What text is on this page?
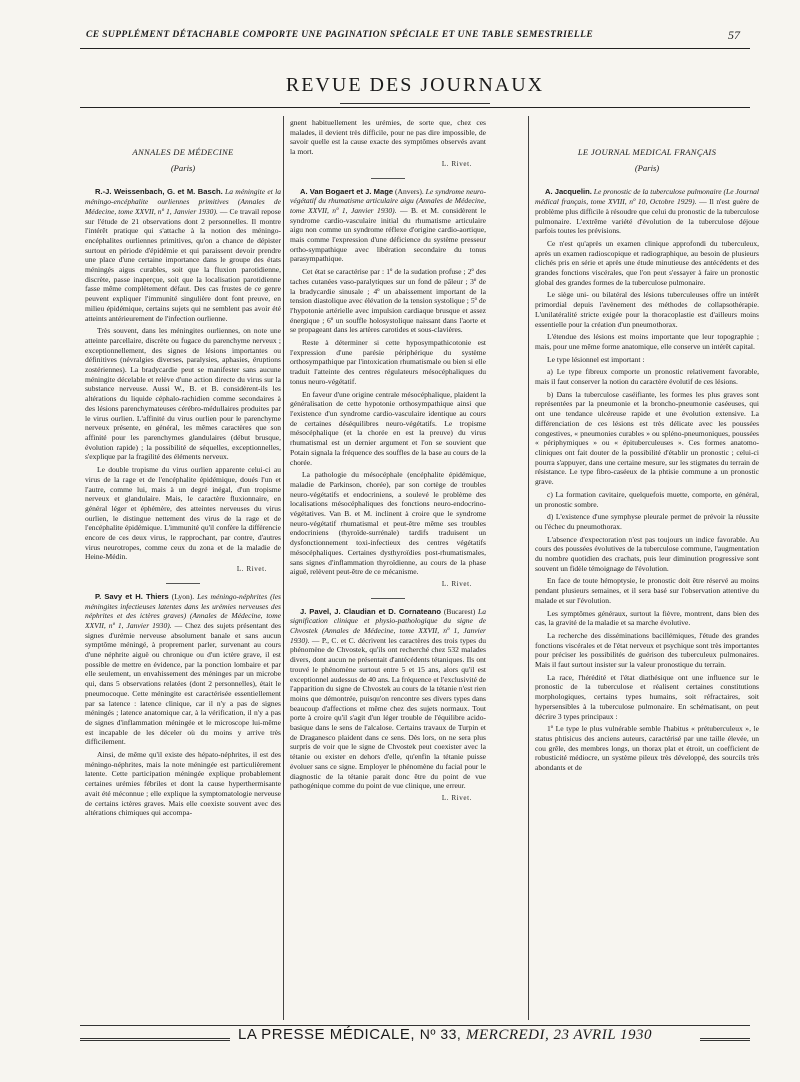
CE SUPPLÉMENT DÉTACHABLE COMPORTE UNE PAGINATION SPÉCIALE ET UNE TABLE SEMESTRIELLE	57
REVUE DES JOURNAUX
ANNALES DE MÉDECINE
(Paris)

R.-J. Weissenbach, G. et M. Basch. La méningite et la méningo-encéphalite ourliennes primitives (Annales de Médecine, tome XXVII, nº 1, Janvier 1930). — Ce travail repose sur l'étude de 21 observations dont 2 personnelles. Il montre l'intérêt pratique qui s'attache à la notion des méningo-encéphalites ourliennes primitives, qu'on a chance de dépister surtout en période d'épidémie et qui paraissent devoir prendre une place d'une certaine importance dans le groupe des états méningés aigus curables, soit que la fluxion parotidienne, discrète, passe inaperçue, soit que la localisation parotidienne fasse même complètement défaut. Des cas frustes de ce genre peuvent expliquer l'immunité singulière dont font preuve, en milieu épidémique, certains sujets qui ne semblent pas avoir été atteints antérieurement de l'infection ourlienne.

Très souvent, dans les méningites ourliennes, on note une atteinte parcellaire, discrète ou fugace du parenchyme nerveux ; exceptionnellement, des signes de lésions importantes ou définitives (névralgies diverses, paralysies, aphasies, éruptions zostériennes). La bradycardie peut se manifester sans aucune méningite décelable et relève d'une action directe du virus sur la substance nerveuse. Aussi W., B. et B. considèrent-ils les altérations du liquide céphalo-rachidien comme secondaires à des lésions parenchymateuses cérébro-médullaires produites par le virus ourlien. L'affinité du virus ourlien pour le parenchyme nerveux présente, en général, les mêmes caractères que son affinité pour les parenchymes glandulaires (début brusque, évolution rapide) ; la possibilité de séquelles, exceptionnelles, s'explique par la fragilité des éléments nerveux.

Le double tropisme du virus ourlien apparente celui-ci au virus de la rage et de l'encéphalite épidémique, doués l'un et l'autre, comme lui, mais à un degré inégal, d'un tropisme nerveux et glandulaire. Mais, le caractère fluxionnaire, en général léger et éphémère, des atteintes nerveuses du virus ourlien, le distingue nettement des virus de la rage et de l'encéphalite épidémique. L'immunité qu'il confère la différencie encore de ces deux virus, le rapprochant, par contre, d'autres virus neurotropes, comme ceux du zona et de la maladie de Heine-Médin.

L. Rivet.

P. Savy et H. Thiers (Lyon). Les méningo-néphrites (les méningites infectieuses latentes dans les urémies nerveuses des néphrites et des ictères graves) (Annales de Médecine, tome XXVII, nº 1, Janvier 1930). — Chez des sujets présentant des signes d'urémie nerveuse absolument banale et sans aucun symptôme méningé, à proprement parler, survenant au cours d'une néphrite aiguë ou chronique ou d'un ictère grave, il est possible de mettre en évidence, par la ponction lombaire et par elle seulement, un envahissement des méninges par un microbe qui, dans 5 observations relatées (dont 2 personnelles), était le pneumocoque. Cette méningite est caractérisée essentiellement par sa latence : latence clinique, car il n'y a pas de signes méningés ; latence anatomique car, à la vérification, il n'y a pas de signes d'inflammation méningée et le microscope lui-même est incapable de les déceler où du moins y arrive très difficilement.

Ainsi, de même qu'il existe des hépato-néphrites, il est des méningo-néphrites, mais la note méningée est particulièrement latente. Cette participation méningée explique probablement certaines urémies fébriles et dont la cause hyperthermisante avait été méconnue ; elle explique la symptomatologie nerveuse de certains ictères graves. Mais elle coexiste souvent avec des altérations chimiques qui accompa-

gnent habituellement les urémies, de sorte que, chez ces malades, il devient très difficile, pour ne pas dire impossible, de savoir quelle est la cause exacte des symptômes observés avant la mort.

L. Rivet.

A. Van Bogaert et J. Mage (Anvers). Le syndrome neuro-végétatif du rhumatisme articulaire aigu (Annales de Médecine, tome XXVII, nº 1, Janvier 1930). — B. et M. considèrent le syndrome cardio-vasculaire initial du rhumatisme articulaire aigu non comme un syndrome réflexe d'origine cardio-aortique, mais comme l'expression d'une déficience du système presseur ortho-sympathique avec libération secondaire du tonus parasympathique.

Cet état se caractérise par : 1º de la sudation profuse ; 2º des taches cutanées vaso-paralytiques sur un fond de pâleur ; 3º de la bradycardie sinusale ; 4º un abaissement important de la tension diastolique avec élévation de la tension systolique ; 5º de l'hypotonie artérielle avec impulsion cardiaque brusque et assez énergique ; 6º un souffle holosystolique naissant dans l'aorte et se propageant dans les artères carotides et sous-clavières.

Reste à déterminer si cette hyposympathicotonie est l'expression d'une parésie périphérique du système orthosympathique par l'intoxication rhumatismale ou bien si elle traduit l'atteinte des centres régulateurs mésocéphaliques du tonus neuro-végétatif.

En faveur d'une origine centrale mésocéphalique, plaident la généralisation de cette hypotonie orthosympathique ainsi que l'existence d'un syndrome cardio-vasculaire identique au cours de certaines déséquilibres neuro-végétatifs. Le tropisme mésocéphalique (et la chorée en est la preuve) du virus rhumatismal est un dernier argument et l'on se souvient que Potain signala la fréquence des souffles de la base au cours de la chorée.

La pathologie du mésocéphale (encéphalite épidémique, maladie de Parkinson, chorée), par son cortège de troubles neuro-végétatifs et endocriniens, a soulevé le problème des localisations mésocéphaliques des fonctions neuro-endocrino-végétatives. Van B. et M. inclinent à croire que le syndrome neuro-végétatif rhumatismal et peut-être même ses troubles endocriniens (thyroïde-surrénale) tardifs traduisent un dysfonctionnement toxi-infectieux des centres végétatifs mésocéphaliques. Certaines dysthyroïdies post-rhumatismales, sans signes d'inflammation thyroïdienne, au cours de la phase aiguë, relèvent peut-être de ce mécanisme.

L. Rivet.

J. Pavel, J. Claudian et D. Cornateano (Bucarest) La signification clinique et physio-pathologique du signe de Chvostek (Annales de Médecine, tome XXVII, nº 1, Janvier 1930). — P., C. et C. décrivent les caractères des trois types du phénomène de Chvostek, qu'ils ont recherché chez 532 malades divers, dont aucun ne présentait d'antécédents tétaniques. Ils ont trouvé le phénomène surtout entre 5 et 15 ans, alors qu'il est exceptionnel audessus de 40 ans. La fréquence et l'exclusivité de l'apparition du signe de Chvostek au cours de la tétanie n'est rien moins que démontrée, puisqu'on rencontre ses divers types dans beaucoup d'affections et même chez des sujets normaux. Tout porte à croire qu'il s'agit d'un léger trouble de l'équilibre acido-basique dans le sens de l'alcalose. Certains travaux de Turpin et de Draganesco plaident dans ce sens. Dès lors, on ne sera plus surpris de voir que le signe de Chvostek peut coexister avec la tétanie ou exister en dehors d'elle, qu'enfin la tétanie puisse évoluer sans ce signe. Employer le phénomène du facial pour le diagnostic de la tétanie parait donc être du point de vue pathogénique comme du point de vue clinique, une erreur.

L. Rivet.
LE JOURNAL MEDICAL FRANÇAIS
(Paris)

A. Jacquelin. Le pronostic de la tuberculose pulmonaire (Le Journal médical français, tome XVIII, nº 10, Octobre 1929). — Il n'est guère de problème plus difficile à résoudre que celui du pronostic de la tuberculose pulmonaire. L'extrême variété d'évolution de la tuberculose déjoue parfois toutes les prévisions.

Ce n'est qu'après un examen clinique approfondi du tuberculeux, après un examen radioscopique et radiographique, au besoin de plusieurs clichés pris en série et après une étude minutieuse des antécédents et des grandes fonctions viscérales, que l'on peut s'essayer à faire un pronostic global des grandes formes de la tuberculose pulmonaire.

Le siège uni- ou bilatéral des lésions tuberculeuses offre un intérêt primordial depuis l'avènement des méthodes de collapsothérapie. L'unilatéralité stricte exigée pour la thoracoplastie est d'ailleurs moins essentielle pour la création d'un pneumothorax.

L'étendue des lésions est moins importante que leur topographie ; mais, pour une même forme anatomique, elle conserve un intérêt capital.

Le type lésionnel est important :

a) Le type fibreux comporte un pronostic relativement favorable, mais il faut conserver la notion du caractère évolutif de ces lésions.

b) Dans la tuberculose caséifiante, les formes les plus graves sont représentées par la pneumonie et la broncho-pneumonie caséeuses, qui ont une tendance ulcéreuse rapide et une évolution extensive. La différenciation de ces lésions est très délicate avec les poussées congestives, « pneumonies curables » ou spléno-pneumoniques, poussées « périphymiques » ou « épituberculeuses ». Ces formes anatomo-cliniques ont fait douter de la possibilité d'établir un pronostic ; celui-ci pourra s'appuyer, dans une certaine mesure, sur les stigmates du terrain de résistance. Le type fibro-caséeux de la phtisie commune a un pronostic grave.

c) La formation cavitaire, quelquefois muette, comporte, en général, un pronostic sombre.

d) L'existence d'une symphyse pleurale permet de prévoir la réussite ou l'échec du pneumothorax.

L'absence d'expectoration n'est pas toujours un indice favorable. Au cours des poussées évolutives de la tuberculose commune, l'augmentation du nombre quotidien des crachats, puis leur diminution progressive sont souvent un fidèle témoignage de l'évolution.

En face de toute hémoptysie, le pronostic doit être réservé au moins pendant plusieurs semaines, et il sera basé sur l'observation attentive du malade et sur l'évolution.

Les symptômes généraux, surtout la fièvre, montrent, dans bien des cas, la gravité de la maladie et sa marche évolutive.

La recherche des disséminations bacillémiques, l'étude des grandes fonctions viscérales et de l'état nerveux et psychique sont très importantes pour préciser les possibilités de guérison des tuberculeux pulmonaires. Mais il faut surtout insister sur la valeur pronostique du terrain.

La race, l'hérédité et l'état diathésique ont une influence sur le pronostic de la tuberculose et réalisent certaines constitutions morphologiques, certains types humains, soit réfractaires, soit hypersensibles à la tuberculose pulmonaire. En schématisant, on peut décrire 3 types principaux :

1º Le type le plus vulnérable semble l'habitus « prétuberculeux », le status phtisicus des anciens auteurs, caractérisé par une taille élevée, un cou grêle, des membres longs, un thorax plat et étroit, un coefficient de robusticité médiocre, un système pileux très développé, des sourcils très abondants et de

LA PRESSE MÉDICALE, Nº 33, MERCREDI, 23 AVRIL 1930
